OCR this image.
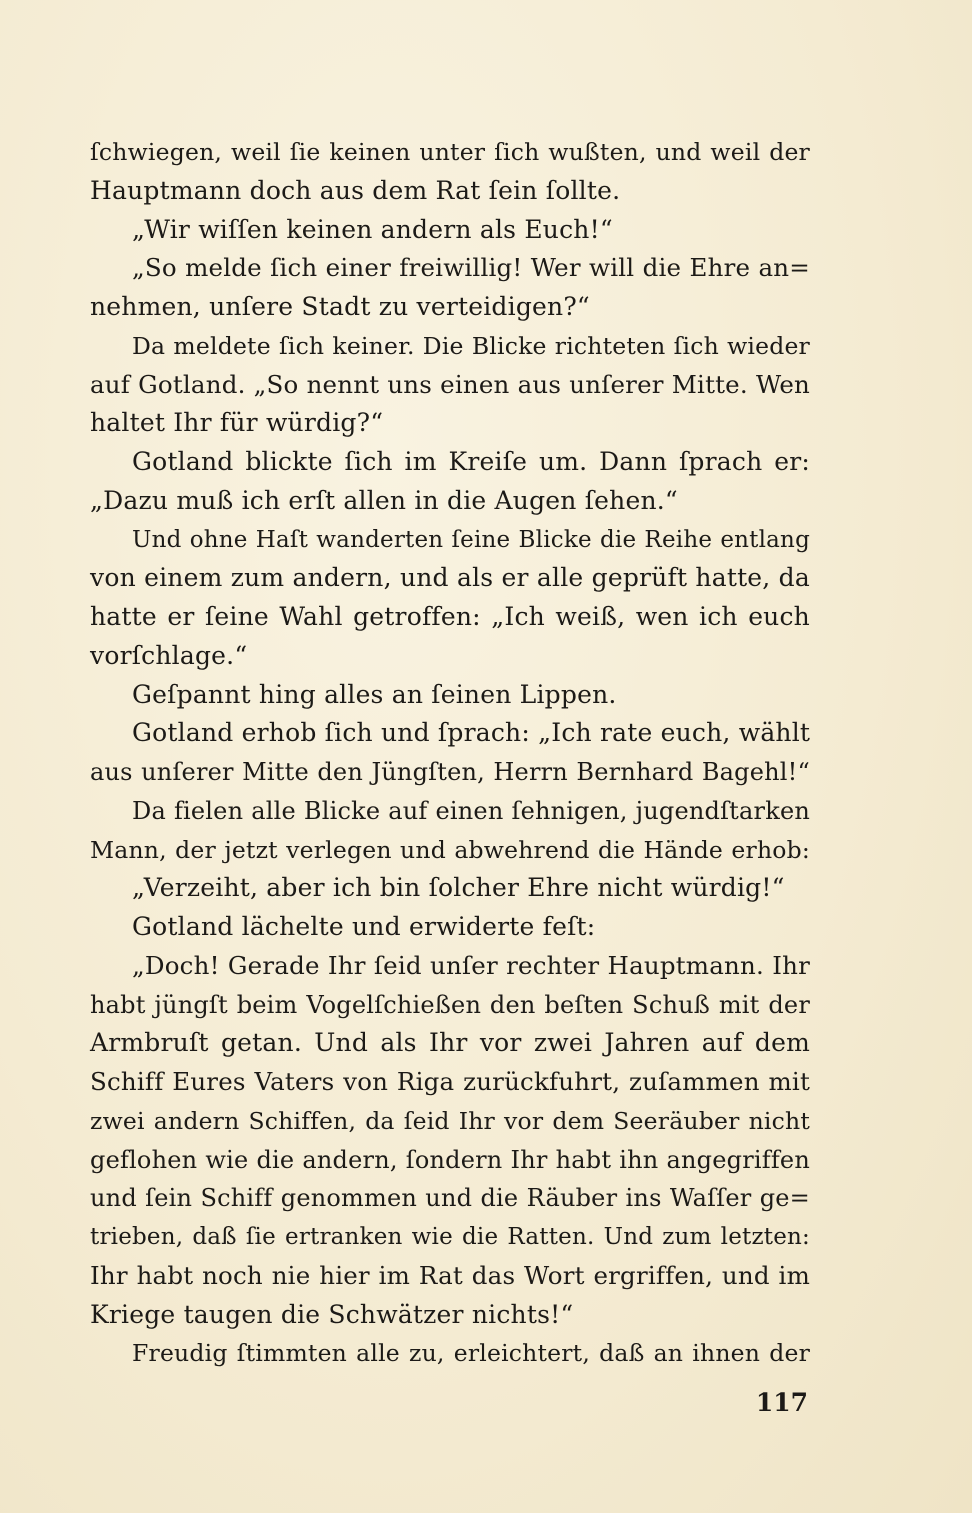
ſchwiegen, weil ſie keinen unter ſich wußten, und weil der
Hauptmann doch aus dem Rat ſein ſollte.
„Wir wiſſen keinen andern als Euch!“
„So melde ſich einer freiwillig! Wer will die Ehre an=
nehmen, unſere Stadt zu verteidigen?“
Da meldete ſich keiner. Die Blicke richteten ſich wieder
auf Gotland. „So nennt uns einen aus unſerer Mitte. Wen
haltet Ihr für würdig?“
Gotland blickte ſich im Kreiſe um. Dann ſprach er:
„Dazu muß ich erſt allen in die Augen ſehen.“
Und ohne Haſt wanderten ſeine Blicke die Reihe entlang
von einem zum andern, und als er alle geprüft hatte, da
hatte er ſeine Wahl getroffen: „Ich weiß, wen ich euch
vorſchlage.“
Geſpannt hing alles an ſeinen Lippen.
Gotland erhob ſich und ſprach: „Ich rate euch, wählt
aus unſerer Mitte den Jüngſten, Herrn Bernhard Bagehl!“
Da fielen alle Blicke auf einen ſehnigen, jugendſtarken
Mann, der jetzt verlegen und abwehrend die Hände erhob:
„Verzeiht, aber ich bin ſolcher Ehre nicht würdig!“
Gotland lächelte und erwiderte feſt:
„Doch! Gerade Ihr ſeid unſer rechter Hauptmann. Ihr
habt jüngſt beim Vogelſchießen den beſten Schuß mit der
Armbruſt getan. Und als Ihr vor zwei Jahren auf dem
Schiff Eures Vaters von Riga zurückfuhrt, zuſammen mit
zwei andern Schiffen, da ſeid Ihr vor dem Seeräuber nicht
geflohen wie die andern, ſondern Ihr habt ihn angegriffen
und ſein Schiff genommen und die Räuber ins Waſſer ge=
trieben, daß ſie ertranken wie die Ratten. Und zum letzten:
Ihr habt noch nie hier im Rat das Wort ergriffen, und im
Kriege taugen die Schwätzer nichts!“
Freudig ſtimmten alle zu, erleichtert, daß an ihnen der
117
